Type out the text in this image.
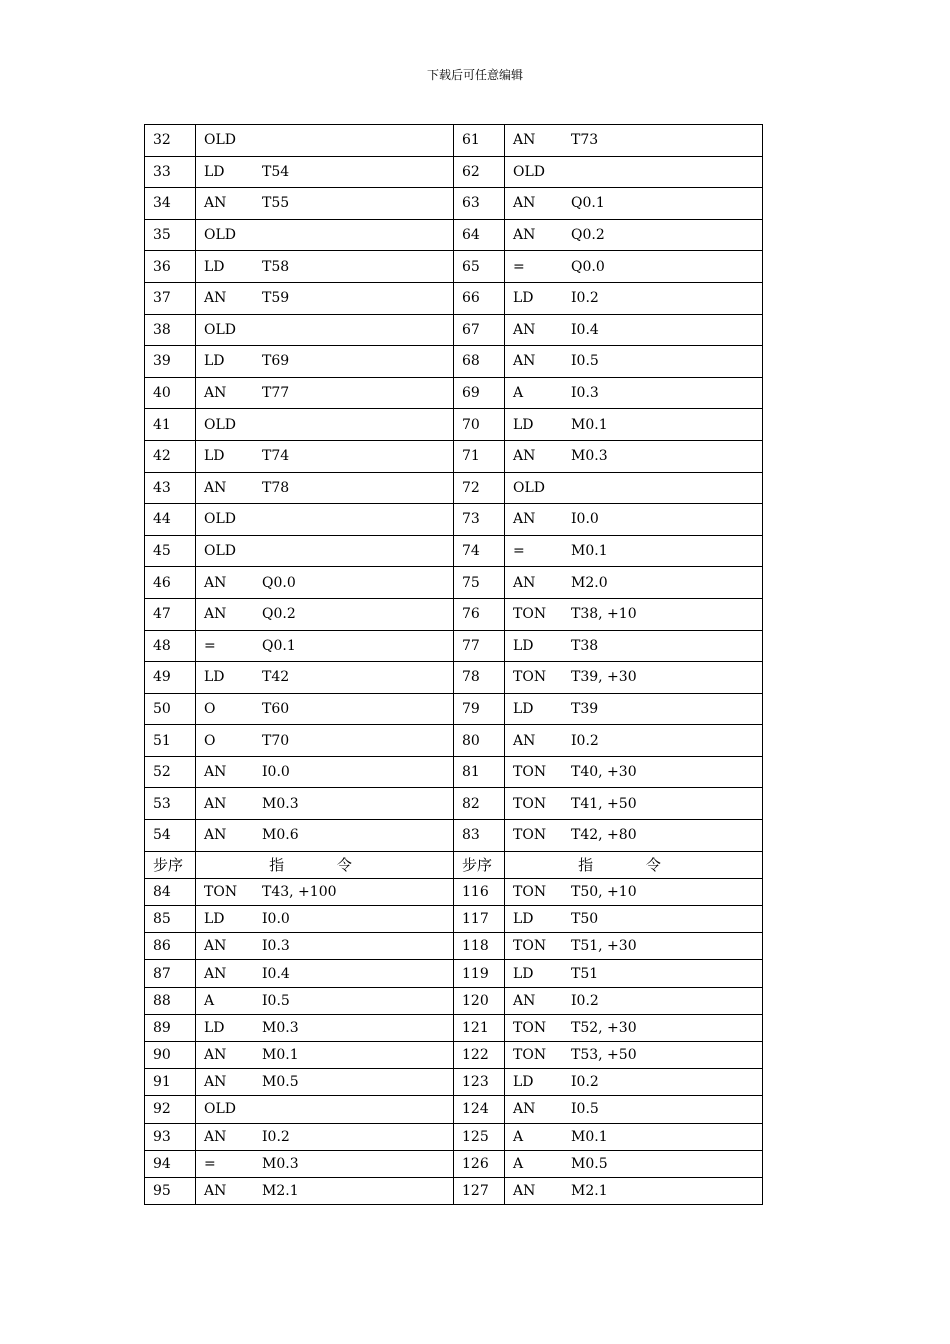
下载后可任意编辑
32	OLD	61	AN T73
33	LD T54	62	OLD
34	AN T55	63	AN Q0.1
35	OLD	64	AN Q0.2
36	LD T58	65	= Q0.0
37	AN T59	66	LD I0.2
38	OLD	67	AN I0.4
39	LD T69	68	AN I0.5
40	AN T77	69	A I0.3
41	OLD	70	LD M0.1
42	LD T74	71	AN M0.3
43	AN T78	72	OLD
44	OLD	73	AN I0.0
45	OLD	74	= M0.1
46	AN Q0.0	75	AN M2.0
47	AN Q0.2	76	TON T38, +10
48	= Q0.1	77	LD T38
49	LD T42	78	TON T39, +30
50	O T60	79	LD T39
51	O T70	80	AN I0.2
52	AN I0.0	81	TON T40, +30
53	AN M0.3	82	TON T41, +50
54	AN M0.6	83	TON T42, +80
步序	指 令	步序	指 令

84	TON T43, +100	116	TON T50, +10
85	LD I0.0	117	LD T50
86	AN I0.3	118	TON T51, +30
87	AN I0.4	119	LD T51
88	A I0.5	120	AN I0.2
89	LD M0.3	121	TON T52, +30
90	AN M0.1	122	TON T53, +50
91	AN M0.5	123	LD I0.2
92	OLD	124	AN I0.5
93	AN I0.2	125	A M0.1
94	= M0.3	126	A M0.5
95	AN M2.1	127	AN M2.1
